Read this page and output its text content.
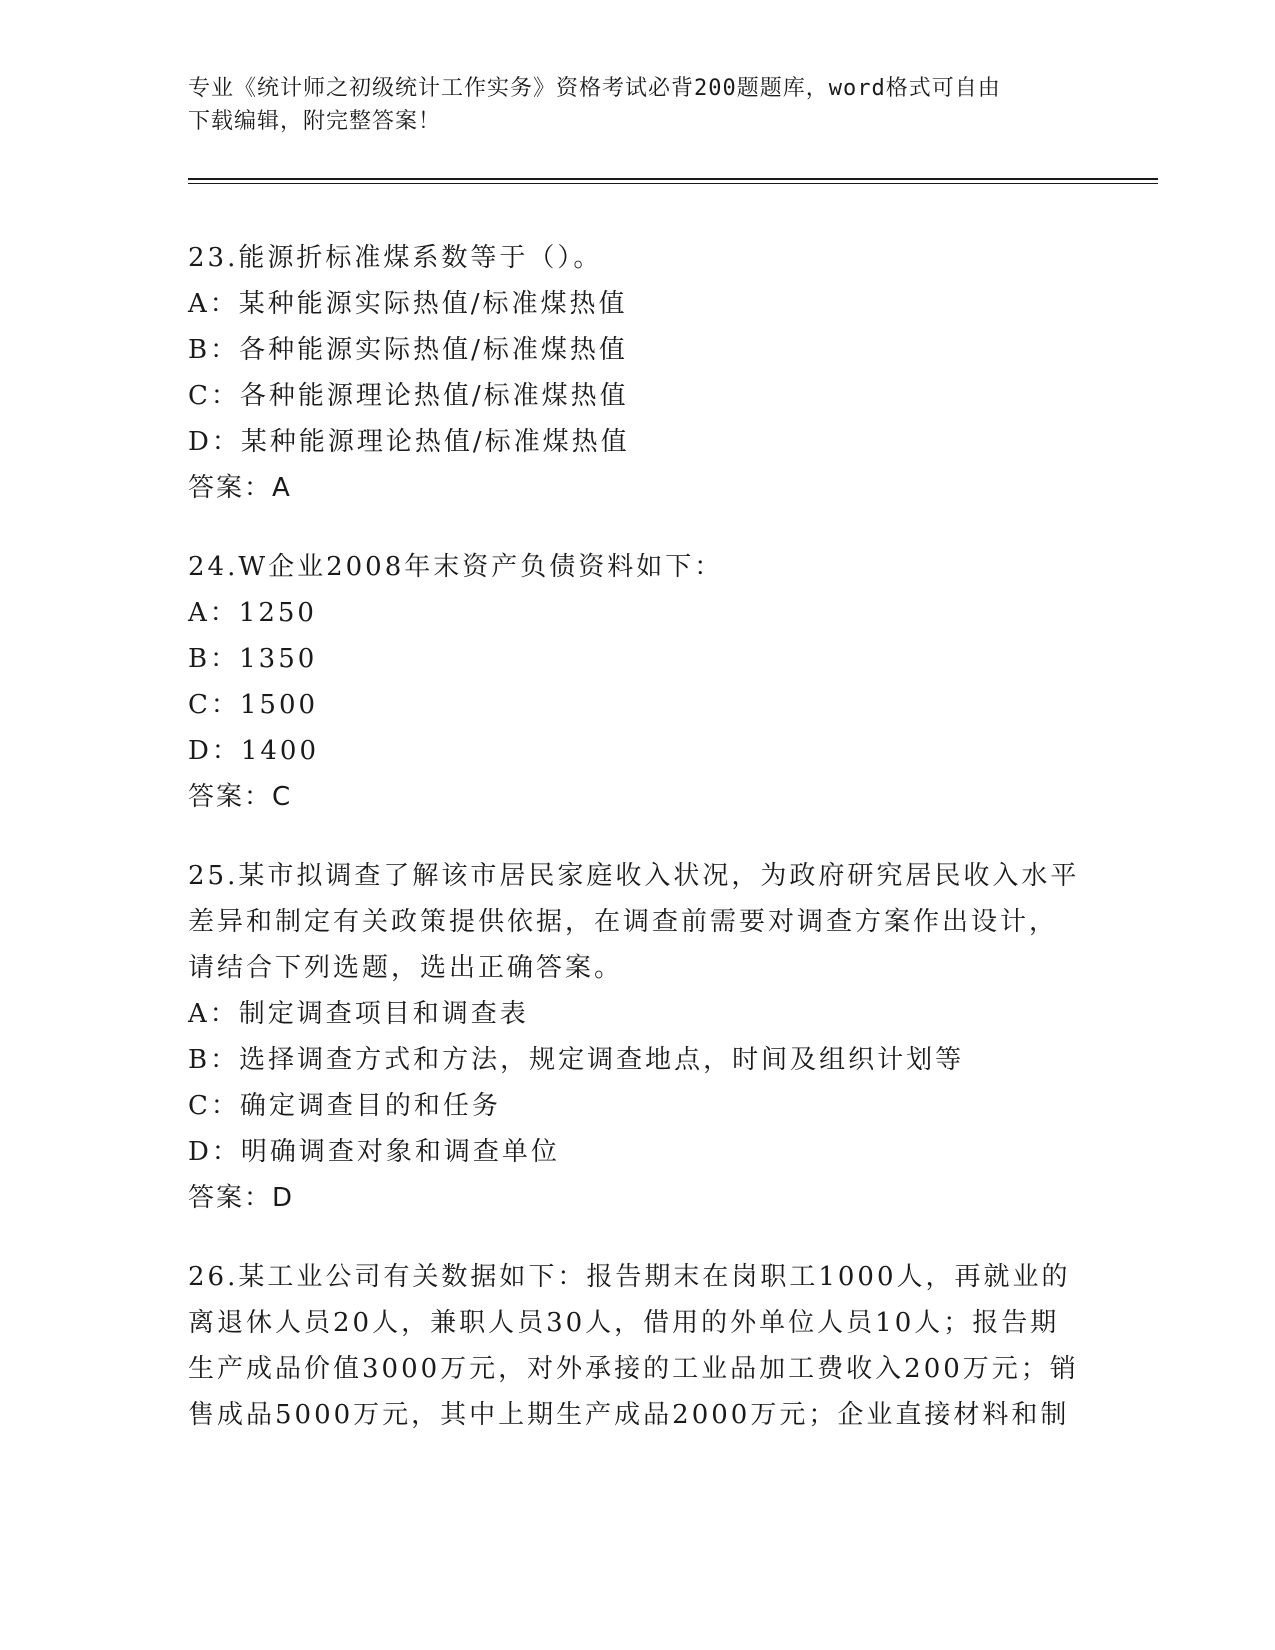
专业《统计师之初级统计工作实务》资格考试必背200题题库，word格式可自由
下载编辑，附完整答案！
23.能源折标准煤系数等于（）。
A：某种能源实际热值/标准煤热值
B：各种能源实际热值/标准煤热值
C：各种能源理论热值/标准煤热值
D：某种能源理论热值/标准煤热值
答案：A
24.W企业2008年末资产负债资料如下：
A：1250
B：1350
C：1500
D：1400
答案：C
25.某市拟调查了解该市居民家庭收入状况，为政府研究居民收入水平
差异和制定有关政策提供依据，在调查前需要对调查方案作出设计，
请结合下列选题，选出正确答案。
A：制定调查项目和调查表
B：选择调查方式和方法，规定调查地点，时间及组织计划等
C：确定调查目的和任务
D：明确调查对象和调查单位
答案：D
26.某工业公司有关数据如下：报告期末在岗职工1000人，再就业的
离退休人员20人，兼职人员30人，借用的外单位人员10人；报告期
生产成品价值3000万元，对外承接的工业品加工费收入200万元；销
售成品5000万元，其中上期生产成品2000万元；企业直接材料和制
